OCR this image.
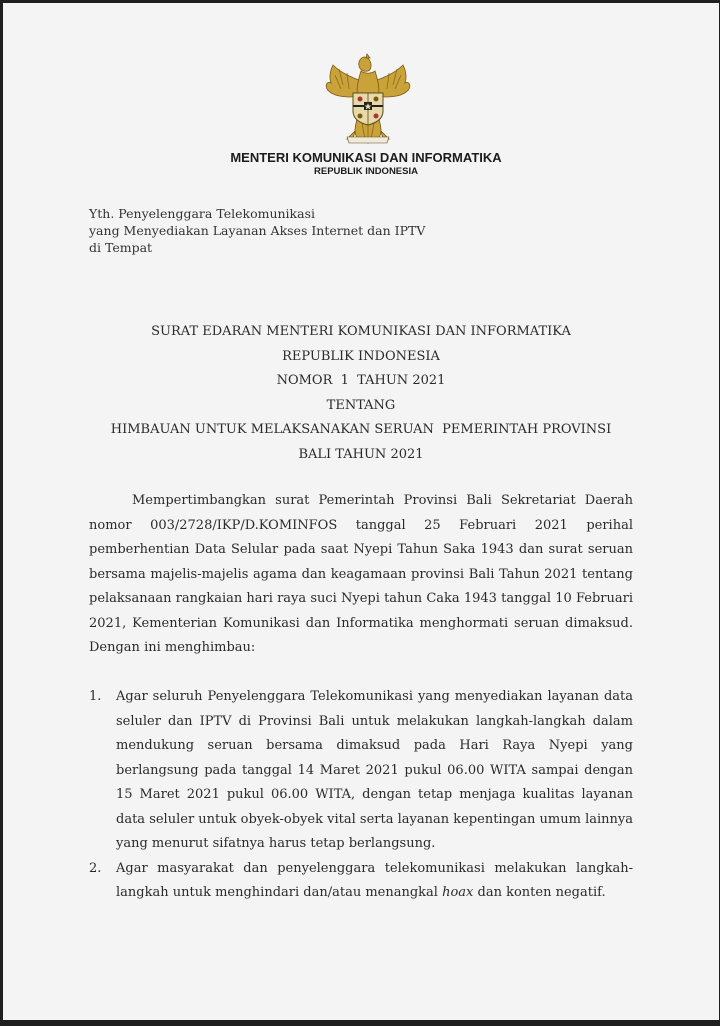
MENTERI KOMUNIKASI DAN INFORMATIKA
REPUBLIK INDONESIA
Yth. Penyelenggara Telekomunikasi
yang Menyediakan Layanan Akses Internet dan IPTV
di Tempat
SURAT EDARAN MENTERI KOMUNIKASI DAN INFORMATIKA
REPUBLIK INDONESIA
NOMOR  1  TAHUN 2021
TENTANG
HIMBAUAN UNTUK MELAKSANAKAN SERUAN  PEMERINTAH PROVINSI
BALI TAHUN 2021

Mempertimbangkan surat Pemerintah Provinsi Bali Sekretariat Daerah nomor 003/2728/IKP/D.KOMINFOS tanggal 25 Februari 2021 perihal pemberhentian Data Selular pada saat Nyepi Tahun Saka 1943 dan surat seruan bersama majelis-majelis agama dan keagamaan provinsi Bali Tahun 2021 tentang pelaksanaan rangkaian hari raya suci Nyepi tahun Caka 1943 tanggal 10 Februari 2021, Kementerian Komunikasi dan Informatika menghormati seruan dimaksud. Dengan ini menghimbau:

1. Agar seluruh Penyelenggara Telekomunikasi yang menyediakan layanan data seluler dan IPTV di Provinsi Bali untuk melakukan langkah-langkah dalam mendukung seruan bersama dimaksud pada Hari Raya Nyepi yang berlangsung pada tanggal 14 Maret 2021 pukul 06.00 WITA sampai dengan 15 Maret 2021 pukul 06.00 WITA, dengan tetap menjaga kualitas layanan data seluler untuk obyek-obyek vital serta layanan kepentingan umum lainnya yang menurut sifatnya harus tetap berlangsung.
2. Agar masyarakat dan penyelenggara telekomunikasi melakukan langkah-langkah untuk menghindari dan/atau menangkal hoax dan konten negatif.
